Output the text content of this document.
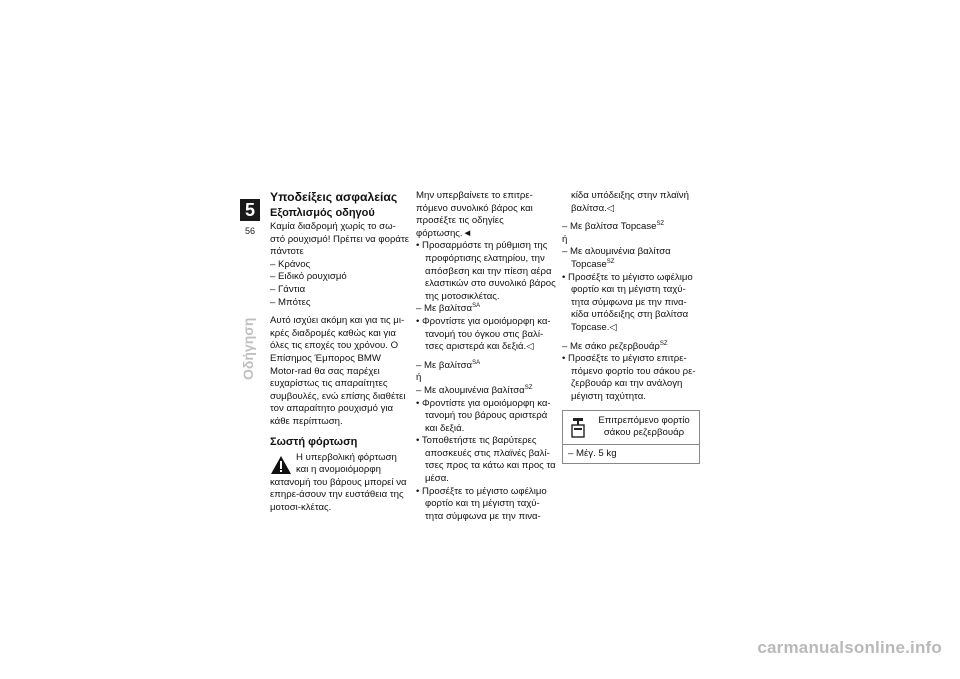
5
56
Οδήγηση
Υποδείξεις ασφαλείας
Εξοπλισμός οδηγού

Καμία διαδρομή χωρίς το σω-στό ρουχισμό! Πρέπει να φοράτε πάντοτε

– Κράνος
– Ειδικό ρουχισμό
– Γάντια
– Μπότες

Αυτό ισχύει ακόμη και για τις μι-κρές διαδρομές καθώς και για όλες τις εποχές του χρόνου. Ο Επίσημος Έμπορος BMW Motor-rad θα σας παρέχει ευχαρίστως τις απαραίτητες συμβουλές, ενώ επίσης διαθέτει τον απαραίτητο ρουχισμό για κάθε περίπτωση.

Σωστή φόρτωση

Η υπερβολική φόρτωση και η ανομοιόμορφη κατανομή του βάρους μπορεί να επηρε-άσουν την ευστάθεια της μοτοσι-κλέτας.

Μην υπερβαίνετε το επιτρε-πόμενο συνολικό βάρος και προσέξτε τις οδηγίες φόρτωσης.◄

• Προσαρμόστε τη ρύθμιση της προφόρτισης ελατηρίου, την απόσβεση και την πίεση αέρα ελαστικών στο συνολικό βάρος της μοτοσικλέτας.

– Με βαλίτσα$^{SA}$

• Φροντίστε για ομοιόμορφη κα-τανομή του όγκου στις βαλί-τσες αριστερά και δεξιά.◁

– Με βαλίτσα$^{SA}$

ή

– Με αλουμινένια βαλίτσα$^{SZ}$

• Φροντίστε για ομοιόμορφη κα-τανομή του βάρους αριστερά και δεξιά.

• Τοποθετήστε τις βαρύτερες αποσκευές στις πλαϊνές βαλί-τσες προς τα κάτω και προς τα μέσα.

• Προσέξτε το μέγιστο ωφέλιμο φορτίο και τη μέγιστη ταχύ-τητα σύμφωνα με την πινα-

κίδα υπόδειξης στην πλαϊνή βαλίτσα.◁

– Με βαλίτσα Topcase$^{SZ}$

ή

– Με αλουμινένια βαλίτσα Topcase$^{SZ}$

• Προσέξτε το μέγιστο ωφέλιμο φορτίο και τη μέγιστη ταχύ-τητα σύμφωνα με την πινα-κίδα υπόδειξης στη βαλίτσα Topcase.◁

– Με σάκο ρεζερβουάρ$^{SZ}$

• Προσέξτε το μέγιστο επιτρε-πόμενο φορτίο του σάκου ρε-ζερβουάρ και την ανάλογη μέγιστη ταχύτητα.

Επιτρεπόμενο φορτίο σάκου ρεζερβουάρ
– Μέγ. 5 kg
carmanualsonline.info
